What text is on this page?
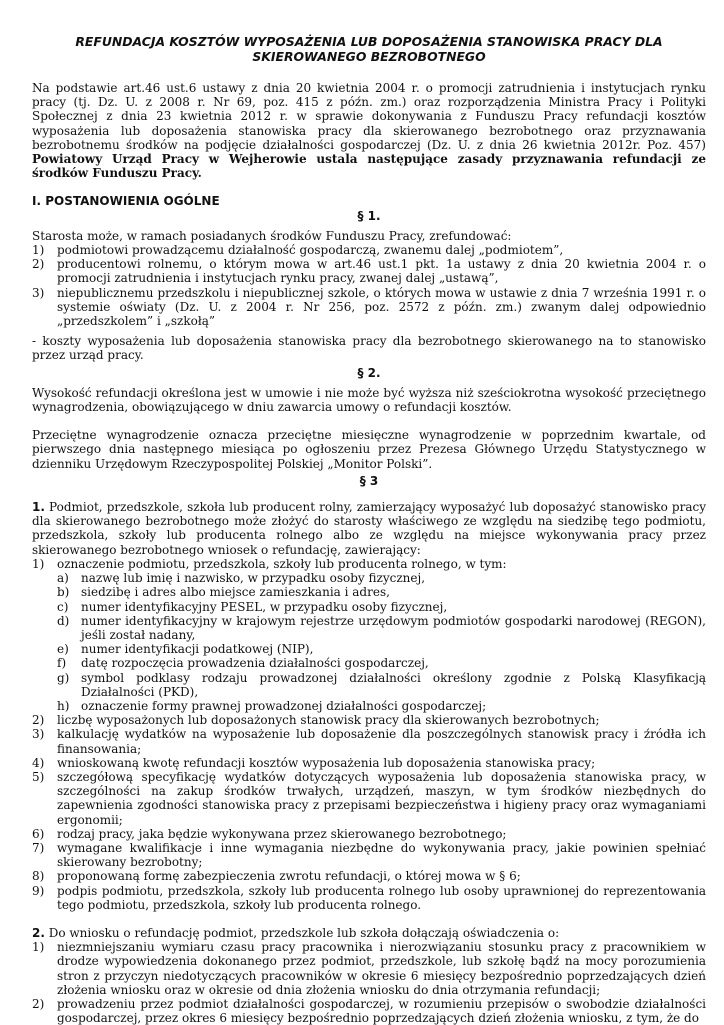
REFUNDACJA KOSZTÓW WYPOSAŻENIA LUB DOPOSAŻENIA STANOWISKA PRACY DLA SKIEROWANEGO BEZROBOTNEGO

Na podstawie art.46 ust.6 ustawy z dnia 20 kwietnia 2004 r. o promocji zatrudnienia i instytucjach rynku pracy (tj. Dz. U. z 2008 r. Nr 69, poz. 415 z późn. zm.) oraz rozporządzenia Ministra Pracy i Polityki Społecznej z dnia 23 kwietnia 2012 r. w sprawie dokonywania z Funduszu Pracy refundacji kosztów wyposażenia lub doposażenia stanowiska pracy dla skierowanego bezrobotnego oraz przyznawania bezrobotnemu środków na podjęcie działalności gospodarczej (Dz. U. z dnia 26 kwietnia 2012r. Poz. 457) Powiatowy Urząd Pracy w Wejherowie ustala następujące zasady przyznawania refundacji ze środków Funduszu Pracy.

I. POSTANOWIENIA OGÓLNE
§ 1.

Starosta może, w ramach posiadanych środków Funduszu Pracy, zrefundować:

1)	podmiotowi prowadzącemu działalność gospodarczą, zwanemu dalej „podmiotem”,
2)	producentowi rolnemu, o którym mowa w art.46 ust.1 pkt. 1a ustawy z dnia 20 kwietnia 2004 r. o promocji zatrudnienia i instytucjach rynku pracy, zwanej dalej „ustawą”,
3)	niepublicznemu przedszkolu i niepublicznej szkole, o których mowa w ustawie z dnia 7 września 1991 r. o systemie oświaty (Dz. U. z 2004 r. Nr 256, poz. 2572 z późn. zm.) zwanym dalej odpowiednio „przedszkolem” i „szkołą”

- koszty wyposażenia lub doposażenia stanowiska pracy dla bezrobotnego skierowanego na to stanowisko przez urząd pracy.

§ 2.

Wysokość refundacji określona jest w umowie i nie może być wyższa niż sześciokrotna wysokość przeciętnego wynagrodzenia, obowiązującego w dniu zawarcia umowy o refundacji kosztów.

Przeciętne wynagrodzenie oznacza przeciętne miesięczne wynagrodzenie w poprzednim kwartale, od pierwszego dnia następnego miesiąca po ogłoszeniu przez Prezesa Głównego Urzędu Statystycznego w dzienniku Urzędowym Rzeczypospolitej Polskiej „Monitor Polski”.

§ 3

1. Podmiot, przedszkole, szkoła lub producent rolny, zamierzający wyposażyć lub doposażyć stanowisko pracy dla skierowanego bezrobotnego może złożyć do starosty właściwego ze względu na siedzibę tego podmiotu, przedszkola, szkoły lub producenta rolnego albo ze względu na miejsce wykonywania pracy przez skierowanego bezrobotnego wniosek o refundację, zawierający:

1)	oznaczenie podmiotu, przedszkola, szkoły lub producenta rolnego, w tym:
a)	nazwę lub imię i nazwisko, w przypadku osoby fizycznej,
b) siedzibę i adres albo miejsce zamieszkania i adres,
c)	numer identyfikacyjny PESEL, w przypadku osoby fizycznej,
d) numer identyfikacyjny w krajowym rejestrze urzędowym podmiotów gospodarki narodowej (REGON), jeśli został nadany,
e)	numer identyfikacji podatkowej (NIP),
f)	datę rozpoczęcia prowadzenia działalności gospodarczej,
g) symbol podklasy rodzaju prowadzonej działalności określony zgodnie z Polską Klasyfikacją Działalności (PKD),
h) oznaczenie formy prawnej prowadzonej działalności gospodarczej;
2)	liczbę wyposażonych lub doposażonych stanowisk pracy dla skierowanych bezrobotnych;
3)	kalkulację wydatków na wyposażenie lub doposażenie dla poszczególnych stanowisk pracy i źródła ich finansowania;
4)	wnioskowaną kwotę refundacji kosztów wyposażenia lub doposażenia stanowiska pracy;
5)	szczegółową specyfikację wydatków dotyczących wyposażenia lub doposażenia stanowiska pracy, w szczególności na zakup środków trwałych, urządzeń, maszyn, w tym środków niezbędnych do zapewnienia zgodności stanowiska pracy z przepisami bezpieczeństwa i higieny pracy oraz wymaganiami ergonomii;
6)	rodzaj pracy, jaka będzie wykonywana przez skierowanego bezrobotnego;
7)	wymagane kwalifikacje i inne wymagania niezbędne do wykonywania pracy, jakie powinien spełniać skierowany bezrobotny;
8)	proponowaną formę zabezpieczenia zwrotu refundacji, o której mowa w § 6;
9)	podpis podmiotu, przedszkola, szkoły lub producenta rolnego lub osoby uprawnionej do reprezentowania tego podmiotu, przedszkola, szkoły lub producenta rolnego.

2. Do wniosku o refundację podmiot, przedszkole lub szkoła dołączają oświadczenia o:

1)	niezmniejszaniu wymiaru czasu pracy pracownika i nierozwiązaniu stosunku pracy z pracownikiem w drodze wypowiedzenia dokonanego przez podmiot, przedszkole, lub szkołę bądź na mocy porozumienia stron z przyczyn niedotyczących pracowników w okresie 6 miesięcy bezpośrednio poprzedzających dzień złożenia wniosku oraz w okresie od dnia złożenia wniosku do dnia otrzymania refundacji;
2)	prowadzeniu przez podmiot działalności gospodarczej, w rozumieniu przepisów o swobodzie działalności gospodarczej, przez okres 6 miesięcy bezpośrednio poprzedzających dzień złożenia wniosku, z tym, że do
